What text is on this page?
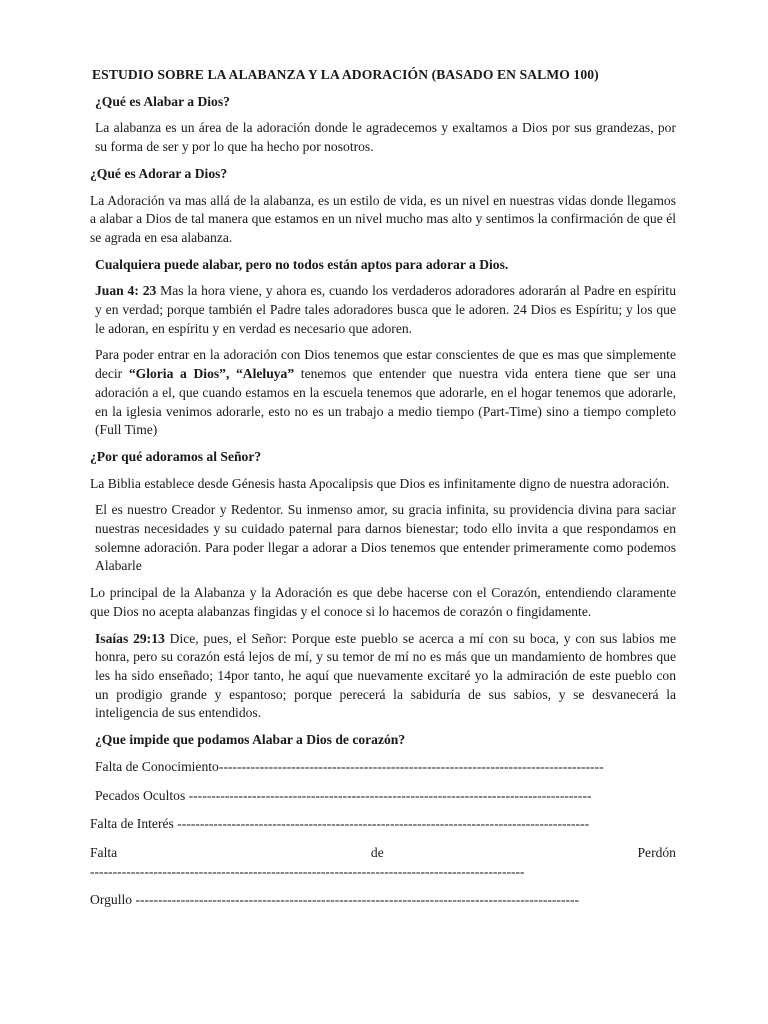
ESTUDIO SOBRE LA ALABANZA Y LA ADORACIÓN (BASADO EN SALMO 100)
¿Qué es Alabar a Dios?

La alabanza es un área de la adoración donde le agradecemos y exaltamos a Dios por sus grandezas, por su forma de ser y por lo que ha hecho por nosotros.

¿Qué es Adorar a Dios?

La Adoración va mas allá de la alabanza, es un estilo de vida, es un nivel en nuestras vidas donde llegamos a alabar a Dios de tal manera que estamos en un nivel mucho mas alto y sentimos la confirmación de que él se agrada en esa alabanza.

Cualquiera puede alabar, pero no todos están aptos para adorar a Dios.

Juan 4: 23 Mas la hora viene, y ahora es, cuando los verdaderos adoradores adorarán al Padre en espíritu y en verdad; porque también el Padre tales adoradores busca que le adoren. 24 Dios es Espíritu; y los que le adoran, en espíritu y en verdad es necesario que adoren.

Para poder entrar en la adoración con Dios tenemos que estar conscientes de que es mas que simplemente decir “Gloria a Dios”, “Aleluya” tenemos que entender que nuestra vida entera tiene que ser una adoración a el, que cuando estamos en la escuela tenemos que adorarle, en el hogar tenemos que adorarle, en la iglesia venimos adorarle, esto no es un trabajo a medio tiempo (Part-Time) sino a tiempo completo (Full Time)

¿Por qué adoramos al Señor?

La Biblia establece desde Génesis hasta Apocalipsis que Dios es infinitamente digno de nuestra adoración.

El es nuestro Creador y Redentor. Su inmenso amor, su gracia infinita, su providencia divina para saciar nuestras necesidades y su cuidado paternal para darnos bienestar; todo ello invita a que respondamos en solemne adoración. Para poder llegar a adorar a Dios tenemos que entender primeramente como podemos Alabarle

Lo principal de la Alabanza y la Adoración es que debe hacerse con el Corazón, entendiendo claramente que Dios no acepta alabanzas fingidas y el conoce si lo hacemos de corazón o fingidamente.

Isaías 29:13 Dice, pues, el Señor: Porque este pueblo se acerca a mí con su boca, y con sus labios me honra, pero su corazón está lejos de mí, y su temor de mí no es más que un mandamiento de hombres que les ha sido enseñado; 14por tanto, he aquí que nuevamente excitaré yo la admiración de este pueblo con un prodigio grande y espantoso; porque perecerá la sabiduría de sus sabios, y se desvanecerá la inteligencia de sus entendidos.

¿Que impide que podamos Alabar a Dios de corazón?
Falta de Conocimiento-------------------------------------------------------------------------------------
Pecados Ocultos -----------------------------------------------------------------------------------------
Falta de Interés -------------------------------------------------------------------------------------------
Falta	de	Perdón
------------------------------------------------------------------------------------------------
Orgullo --------------------------------------------------------------------------------------------------
